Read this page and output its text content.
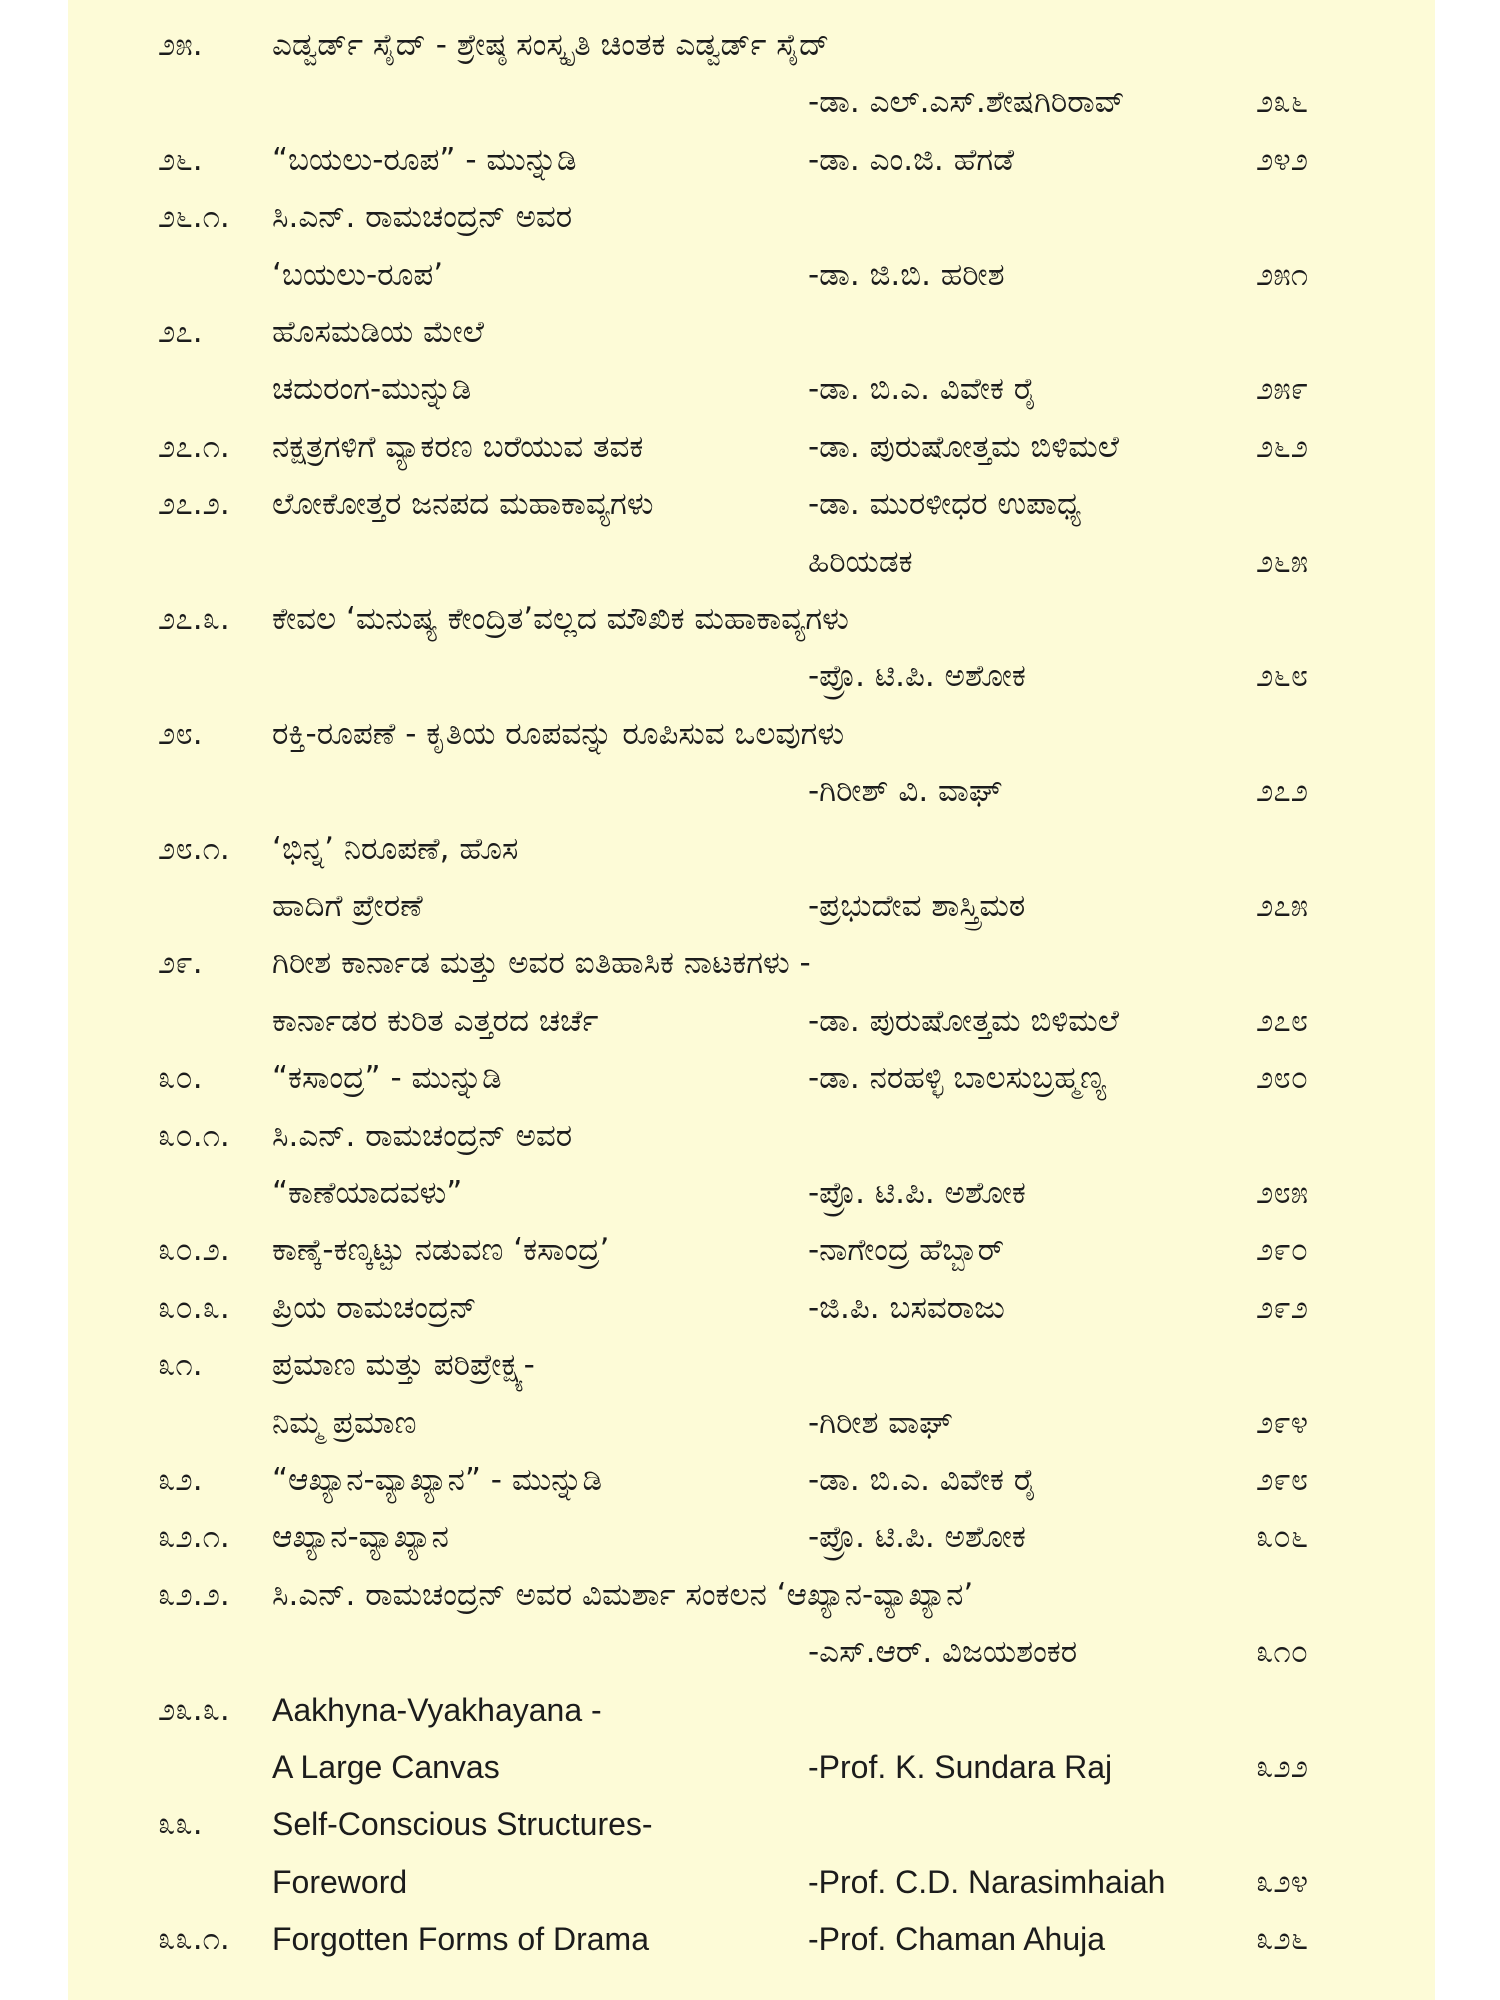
೨೫. ಎಡ್ವರ್ಡ್ ಸೈದ್ - ಶ್ರೇಷ್ಠ ಸಂಸ್ಕೃತಿ ಚಿಂತಕ ಎಡ್ವರ್ಡ್ ಸೈದ್
-ಡಾ. ಎಲ್.ಎಸ್.ಶೇಷಗಿರಿರಾವ್	೨೩೬
೨೬. “ಬಯಲು-ರೂಪ” - ಮುನ್ನುಡಿ	-ಡಾ. ಎಂ.ಜಿ. ಹೆಗಡೆ	೨೪೨
೨೬.೧. ಸಿ.ಎನ್. ರಾಮಚಂದ್ರನ್ ಅವರ
‘ಬಯಲು-ರೂಪ’	-ಡಾ. ಜಿ.ಬಿ. ಹರೀಶ	೨೫೧
೨೭. ಹೊಸಮಡಿಯ ಮೇಲೆ
ಚದುರಂಗ-ಮುನ್ನುಡಿ	-ಡಾ. ಬಿ.ಎ. ವಿವೇಕ ರೈ	೨೫೯
೨೭.೧. ನಕ್ಷತ್ರಗಳಿಗೆ ವ್ಯಾಕರಣ ಬರೆಯುವ ತವಕ	-ಡಾ. ಪುರುಷೋತ್ತಮ ಬಿಳಿಮಲೆ	೨೬೨
೨೭.೨. ಲೋಕೋತ್ತರ ಜನಪದ ಮಹಾಕಾವ್ಯಗಳು	-ಡಾ. ಮುರಳೀಧರ ಉಪಾಧ್ಯ
ಹಿರಿಯಡಕ	೨೬೫
೨೭.೩. ಕೇವಲ ‘ಮನುಷ್ಯ ಕೇಂದ್ರಿತ’ವಲ್ಲದ ಮೌಖಿಕ ಮಹಾಕಾವ್ಯಗಳು
-ಪ್ರೊ. ಟಿ.ಪಿ. ಅಶೋಕ	೨೬೮
೨೮. ರಕ್ತಿ-ರೂಪಣೆ - ಕೃತಿಯ ರೂಪವನ್ನು ರೂಪಿಸುವ ಒಲವುಗಳು
-ಗಿರೀಶ್ ವಿ. ವಾಘ್	೨೭೨
೨೮.೧. ‘ಭಿನ್ನ’ ನಿರೂಪಣೆ, ಹೊಸ
ಹಾದಿಗೆ ಪ್ರೇರಣೆ	-ಪ್ರಭುದೇವ ಶಾಸ್ತ್ರಿಮಠ	೨೭೫
೨೯. ಗಿರೀಶ ಕಾರ್ನಾಡ ಮತ್ತು ಅವರ ಐತಿಹಾಸಿಕ ನಾಟಕಗಳು -
ಕಾರ್ನಾಡರ ಕುರಿತ ಎತ್ತರದ ಚರ್ಚೆ	-ಡಾ. ಪುರುಷೋತ್ತಮ ಬಿಳಿಮಲೆ	೨೭೮
೩೦. “ಕಸಾಂದ್ರ” - ಮುನ್ನುಡಿ	-ಡಾ. ನರಹಳ್ಳಿ ಬಾಲಸುಬ್ರಹ್ಮಣ್ಯ	೨೮೦
೩೦.೧. ಸಿ.ಎನ್. ರಾಮಚಂದ್ರನ್ ಅವರ
“ಕಾಣೆಯಾದವಳು”	-ಪ್ರೊ. ಟಿ.ಪಿ. ಅಶೋಕ	೨೮೫
೩೦.೨. ಕಾಣ್ಕೆ-ಕಣ್ಕಟ್ಟು ನಡುವಣ ‘ಕಸಾಂದ್ರ’	-ನಾಗೇಂದ್ರ ಹೆಬ್ಬಾರ್	೨೯೦
೩೦.೩. ಪ್ರಿಯ ರಾಮಚಂದ್ರನ್	-ಜಿ.ಪಿ. ಬಸವರಾಜು	೨೯೨
೩೧. ಪ್ರಮಾಣ ಮತ್ತು ಪರಿಪ್ರೇಕ್ಷ್ಯ-
ನಿಮ್ಮ ಪ್ರಮಾಣ	-ಗಿರೀಶ ವಾಘ್	೨೯೪
೩೨. “ಆಖ್ಯಾನ-ವ್ಯಾಖ್ಯಾನ” - ಮುನ್ನುಡಿ	-ಡಾ. ಬಿ.ಎ. ವಿವೇಕ ರೈ	೨೯೮
೩೨.೧. ಆಖ್ಯಾನ-ವ್ಯಾಖ್ಯಾನ	-ಪ್ರೊ. ಟಿ.ಪಿ. ಅಶೋಕ	೩೦೬
೩೨.೨. ಸಿ.ಎನ್. ರಾಮಚಂದ್ರನ್ ಅವರ ವಿಮರ್ಶಾ ಸಂಕಲನ ‘ಆಖ್ಯಾನ-ವ್ಯಾಖ್ಯಾನ’
-ಎಸ್.ಆರ್. ವಿಜಯಶಂಕರ	೩೧೦
೨೩.೩. Aakhyna-Vyakhayana -
A Large Canvas	-Prof. K. Sundara Raj	೩೨೨
೩೩. Self-Conscious Structures-
Foreword	-Prof. C.D. Narasimhaiah	೩೨೪
೩೩.೧. Forgotten Forms of Drama	-Prof. Chaman Ahuja	೩೨೬
